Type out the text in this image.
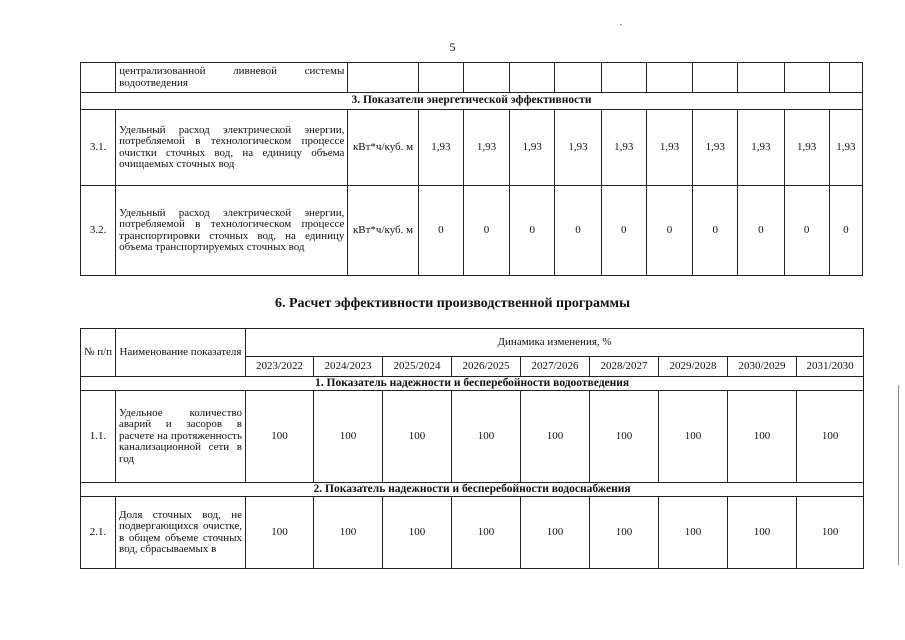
5
	централизованной ливневой системы водоотведения											
3. Показатели энергетической эффективности												
3.1.	Удельный расход электрической энергии, потребляемой в технологическом процессе очистки сточных вод, на единицу объема очищаемых сточных вод	кВт*ч/куб. м	1,93	1,93	1,93	1,93	1,93	1,93	1,93	1,93	1,93	1,93
3.2.	Удельный расход электрической энергии, потребляемой в технологическом процессе транспортировки сточных вод, на единицу объема транспортируемых сточных вод	кВт*ч/куб. м	0	0	0	0	0	0	0	0	0	0
6. Расчет эффективности производственной программы
№ п/п	Наименование показателя	Динамика изменения, %								
		2023/2022	2024/2023	2025/2024	2026/2025	2027/2026	2028/2027	2029/2028	2030/2029	2031/2030
1. Показатель надежности и бесперебойности водоотведения										
1.1.	Удельное количество аварий и засоров в расчете на протяженность канализационной сети в год	100	100	100	100	100	100	100	100	100
2. Показатель надежности и бесперебойности водоснабжения										
2.1.	Доля сточных вод, не подвергающихся очистке, в общем объеме сточных вод, сбрасываемых в	100	100	100	100	100	100	100	100	100
